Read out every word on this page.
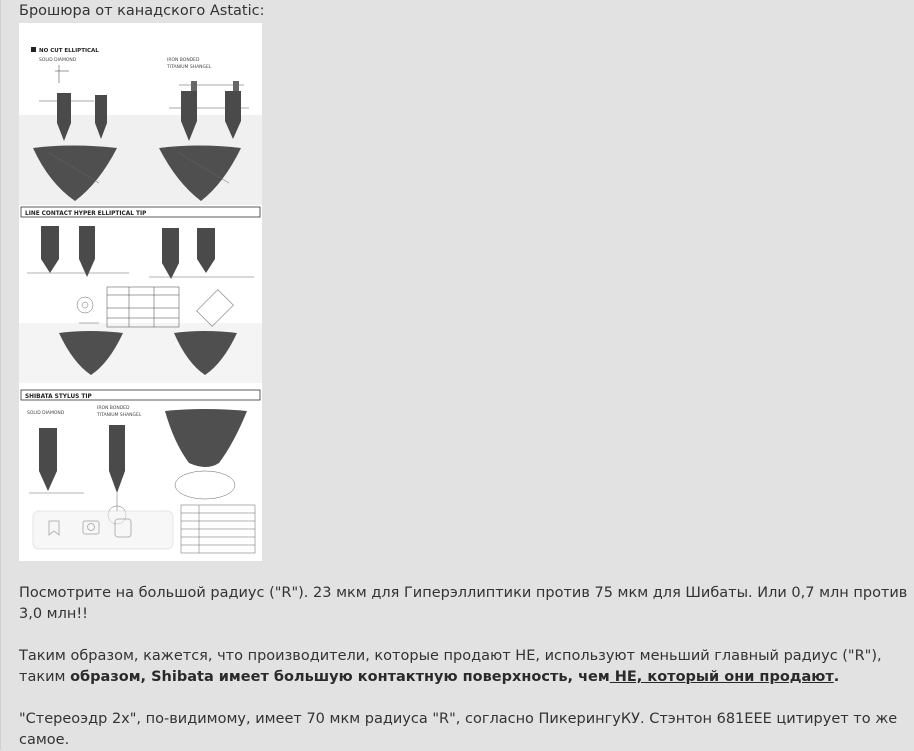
Брошюра от канадского Astatic:
NO CUT ELLIPTICAL
SOLID DIAMOND	IRON BONDED
TITANIUM SHANGEL
LINE CONTACT HYPER ELLIPTICAL TIP
SHIBATA STYLUS TIP
SOLID DIAMOND
IRON BONDED
TITANIUM SHANGEL
Посмотрите на большой радиус ("R"). 23 мкм для Гиперэллиптики против 75 мкм для Шибаты. Или 0,7 млн против 3,0 млн!!
Таким образом, кажется, что производители, которые продают НЕ, используют меньший главный радиус ("R"), таким образом, Shibata имеет большую контактную поверхность, чем НЕ, который они продают.
"Стереоэдр 2х", по-видимому, имеет 70 мкм радиуса "R", согласно ПикерингуКУ. Стэнтон 681EEE цитирует то же самое.
